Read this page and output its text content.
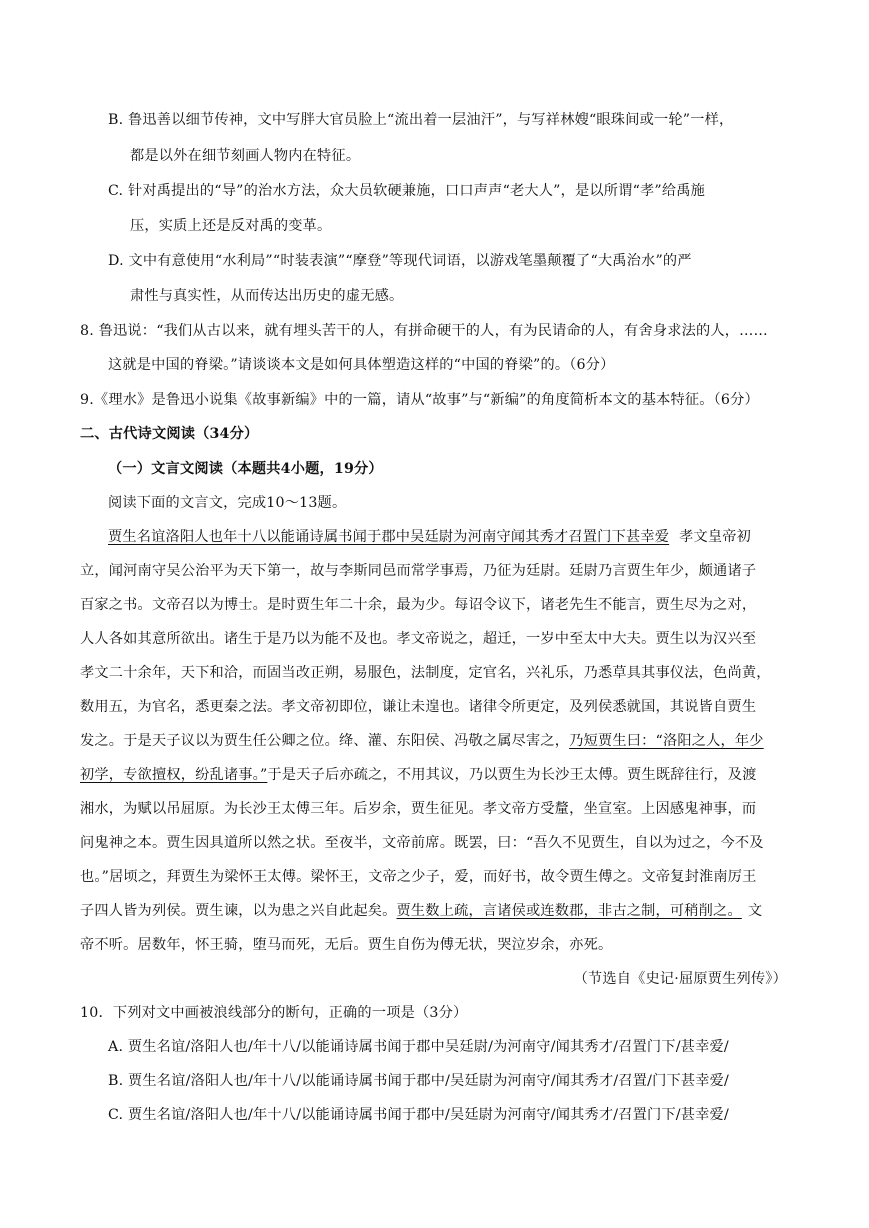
B. 鲁迅善以细节传神，文中写胖大官员脸上“流出着一层油汗”，与写祥林嫂“眼珠间或一轮”一样，
都是以外在细节刻画人物内在特征。
C. 针对禹提出的“导”的治水方法，众大员软硬兼施，口口声声“老大人”，是以所谓“孝”给禹施
压，实质上还是反对禹的变革。
D. 文中有意使用“水利局”“时装表演”“摩登”等现代词语，以游戏笔墨颠覆了“大禹治水”的严
肃性与真实性，从而传达出历史的虚无感。
8. 鲁迅说：“我们从古以来，就有埋头苦干的人，有拼命硬干的人，有为民请命的人，有舍身求法的人，……
这就是中国的脊梁。”请谈谈本文是如何具体塑造这样的“中国的脊梁”的。（6分）
9.《理水》是鲁迅小说集《故事新编》中的一篇，请从“故事”与“新编”的角度简析本文的基本特征。（6分）
二、古代诗文阅读（34分）
（一）文言文阅读（本题共4小题，19分）
阅读下面的文言文，完成10～13题。
贾生名谊洛阳人也年十八以能诵诗属书闻于郡中吴廷尉为河南守闻其秀才召置门下甚幸爱 孝文皇帝初
立，闻河南守吴公治平为天下第一，故与李斯同邑而常学事焉，乃征为廷尉。廷尉乃言贾生年少，颇通诸子
百家之书。文帝召以为博士。是时贾生年二十余，最为少。每诏令议下，诸老先生不能言，贾生尽为之对，
人人各如其意所欲出。诸生于是乃以为能不及也。孝文帝说之，超迁，一岁中至太中大夫。贾生以为汉兴至
孝文二十余年，天下和洽，而固当改正朔，易服色，法制度，定官名，兴礼乐，乃悉草具其事仪法，色尚黄，
数用五，为官名，悉更秦之法。孝文帝初即位，谦让未遑也。诸律令所更定，及列侯悉就国，其说皆自贾生
发之。于是天子议以为贾生任公卿之位。绛、灌、东阳侯、冯敬之属尽害之，乃短贾生曰：“洛阳之人，年少
初学，专欲擅权，纷乱诸事。”于是天子后亦疏之，不用其议，乃以贾生为长沙王太傅。贾生既辞往行，及渡
湘水，为赋以吊屈原。为长沙王太傅三年。后岁余，贾生征见。孝文帝方受釐，坐宣室。上因感鬼神事，而
问鬼神之本。贾生因具道所以然之状。至夜半，文帝前席。既罢，曰：“吾久不见贾生，自以为过之，今不及
也。”居顷之，拜贾生为梁怀王太傅。梁怀王，文帝之少子，爱，而好书，故令贾生傅之。文帝复封淮南厉王
子四人皆为列侯。贾生谏，以为患之兴自此起矣。贾生数上疏，言诸侯或连数郡，非古之制，可稍削之。 文
帝不听。居数年，怀王骑，堕马而死，无后。贾生自伤为傅无状，哭泣岁余，亦死。
（节选自《史记·屈原贾生列传》）
10．下列对文中画被浪线部分的断句，正确的一项是（3分）
A. 贾生名谊/洛阳人也/年十八/以能诵诗属书闻于郡中吴廷尉/为河南守/闻其秀才/召置门下/甚幸爱/
B. 贾生名谊/洛阳人也/年十八/以能诵诗属书闻于郡中/吴廷尉为河南守/闻其秀才/召置/门下甚幸爱/
C. 贾生名谊/洛阳人也/年十八/以能诵诗属书闻于郡中/吴廷尉为河南守/闻其秀才/召置门下/甚幸爱/
